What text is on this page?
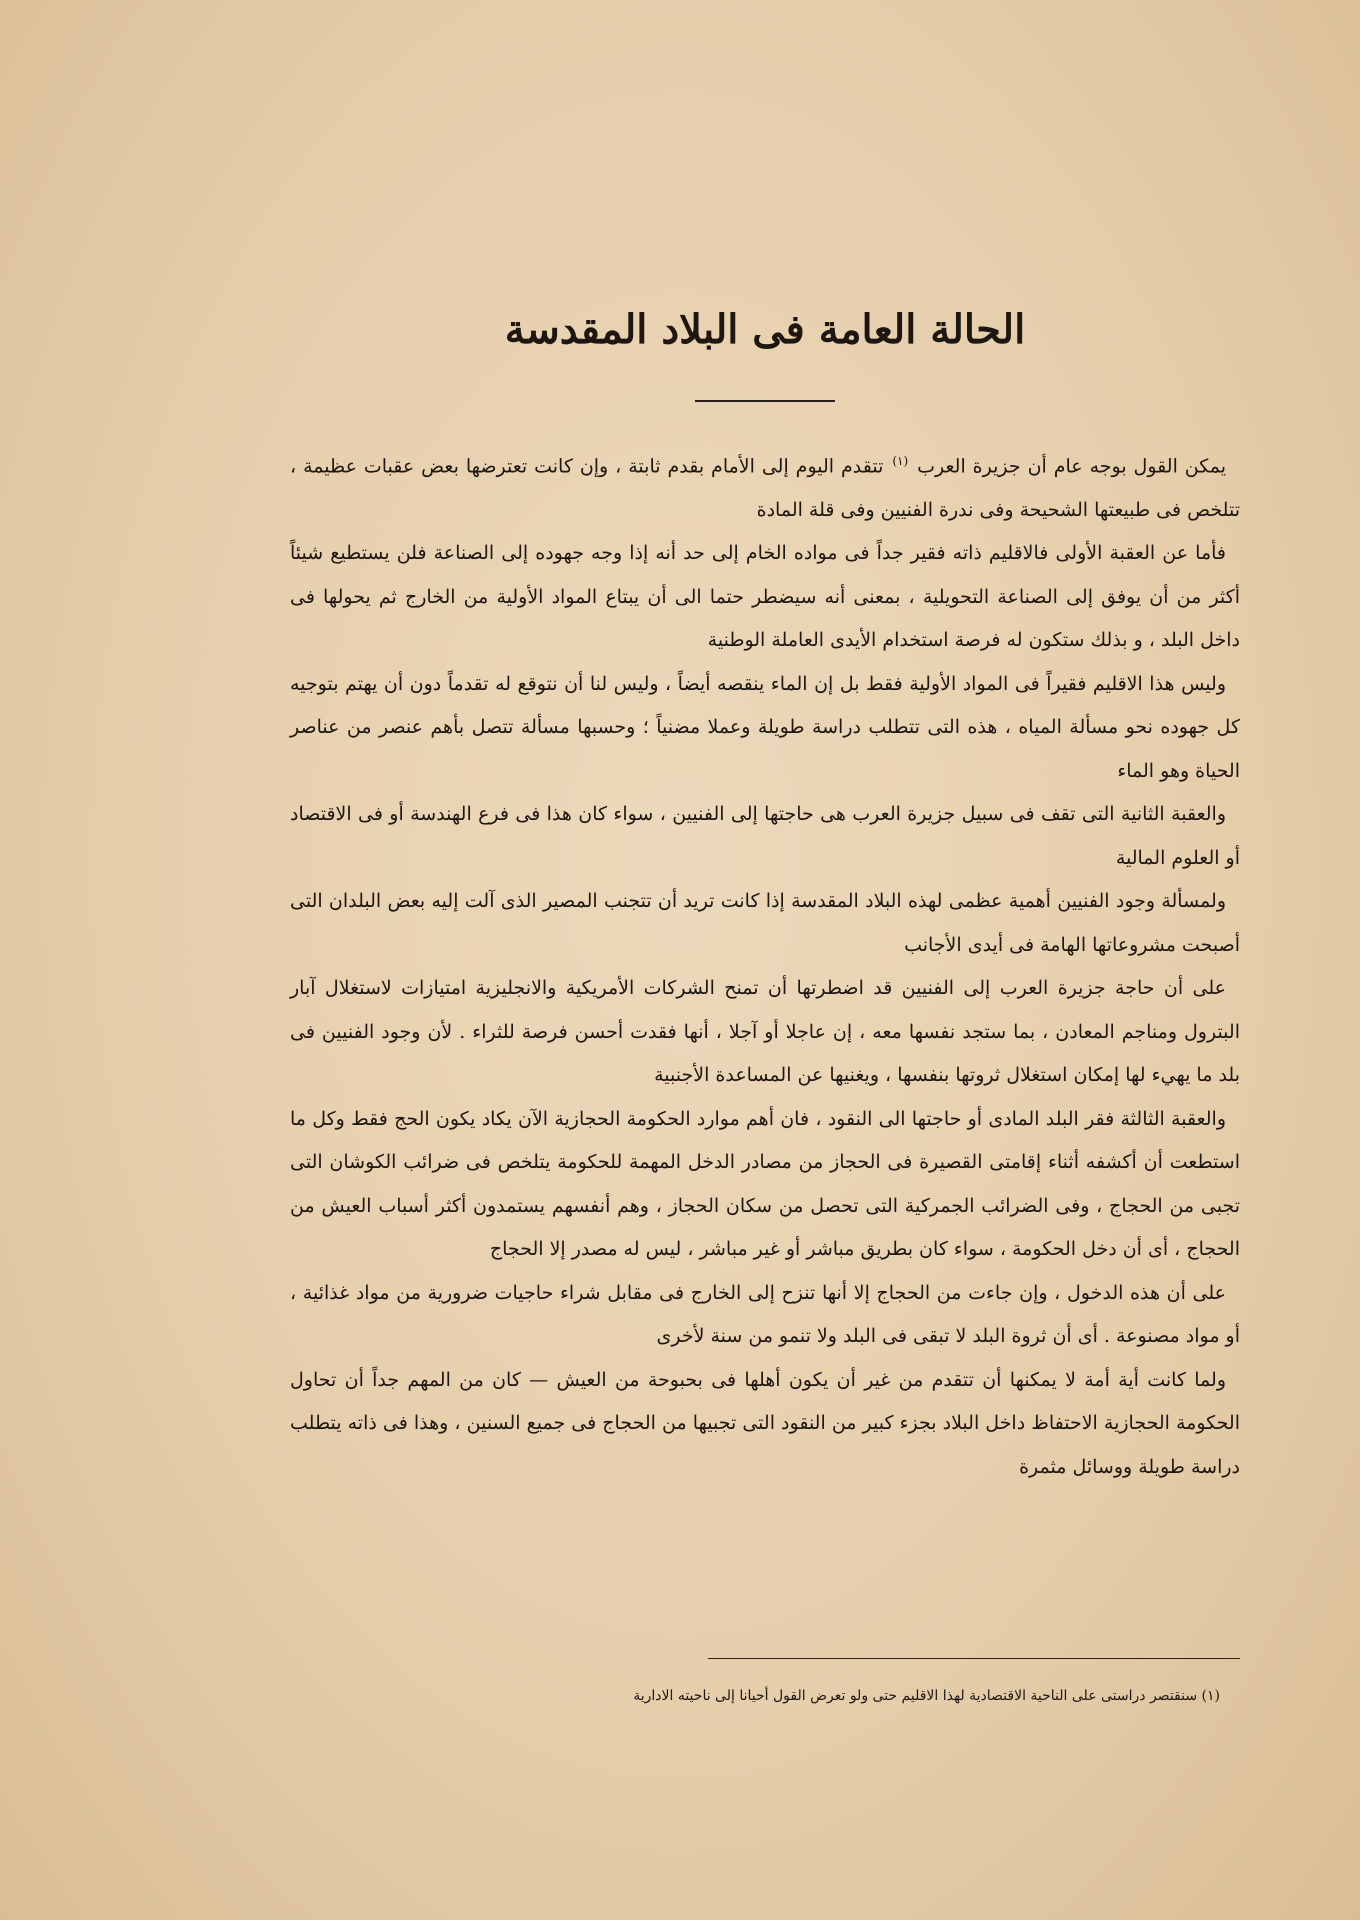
الحالة العامة فى البلاد المقدسة

يمكن القول بوجه عام أن جزيرة العرب $^{(١)}$ تتقدم اليوم إلى الأمام بقدم ثابتة ، وإن كانت تعترضها بعض عقبات عظيمة ، تتلخص فى طبيعتها الشحيحة وفى ندرة الفنيين وفى قلة المادة

فأما عن العقبة الأولى فالاقليم ذاته فقير جداً فى مواده الخام إلى حد أنه إذا وجه جهوده إلى الصناعة فلن يستطيع شيئاً أكثر من أن يوفق إلى الصناعة التحويلية ، بمعنى أنه سيضطر حتما الى أن يبتاع المواد الأولية من الخارج ثم يحولها فى داخل البلد ، و بذلك ستكون له فرصة استخدام الأيدى العاملة الوطنية

وليس هذا الاقليم فقيراً فى المواد الأولية فقط بل إن الماء ينقصه أيضاً ، وليس لنا أن نتوقع له تقدماً دون أن يهتم بتوجيه كل جهوده نحو مسألة المياه ، هذه التى تتطلب دراسة طويلة وعملا مضنياً ؛ وحسبها مسألة تتصل بأهم عنصر من عناصر الحياة وهو الماء

والعقبة الثانية التى تقف فى سبيل جزيرة العرب هى حاجتها إلى الفنيين ، سواء كان هذا فى فرع الهندسة أو فى الاقتصاد أو العلوم المالية

ولمسألة وجود الفنيين أهمية عظمى لهذه البلاد المقدسة إذا كانت تريد أن تتجنب المصير الذى آلت إليه بعض البلدان التى أصبحت مشروعاتها الهامة فى أيدى الأجانب

على أن حاجة جزيرة العرب إلى الفنيين قد اضطرتها أن تمنح الشركات الأمريكية والانجليزية امتيازات لاستغلال آبار البترول ومناجم المعادن ، بما ستجد نفسها معه ، إن عاجلا أو آجلا ، أنها فقدت أحسن فرصة للثراء . لأن وجود الفنيين فى بلد ما يهيء لها إمكان استغلال ثروتها بنفسها ، ويغنيها عن المساعدة الأجنبية

والعقبة الثالثة فقر البلد المادى أو حاجتها الى النقود ، فان أهم موارد الحكومة الحجازية الآن يكاد يكون الحج فقط وكل ما استطعت أن أكشفه أثناء إقامتى القصيرة فى الحجاز من مصادر الدخل المهمة للحكومة يتلخص فى ضرائب الكوشان التى تجبى من الحجاج ، وفى الضرائب الجمركية التى تحصل من سكان الحجاز ، وهم أنفسهم يستمدون أكثر أسباب العيش من الحجاج ، أى أن دخل الحكومة ، سواء كان بطريق مباشر أو غير مباشر ، ليس له مصدر إلا الحجاج

على أن هذه الدخول ، وإن جاءت من الحجاج إلا أنها تنزح إلى الخارج فى مقابل شراء حاجيات ضرورية من مواد غذائية ، أو مواد مصنوعة . أى أن ثروة البلد لا تبقى فى البلد ولا تنمو من سنة لأخرى

ولما كانت أية أمة لا يمكنها أن تتقدم من غير أن يكون أهلها فى بحبوحة من العيش — كان من المهم جداً أن تحاول الحكومة الحجازية الاحتفاظ داخل البلاد بجزء كبير من النقود التى تجبيها من الحجاج فى جميع السنين ، وهذا فى ذاته يتطلب دراسة طويلة ووسائل مثمرة

(١) سنقتصر دراستى على الناحية الاقتصادية لهذا الاقليم حتى ولو تعرض القول أحيانا إلى ناحيته الادارية
